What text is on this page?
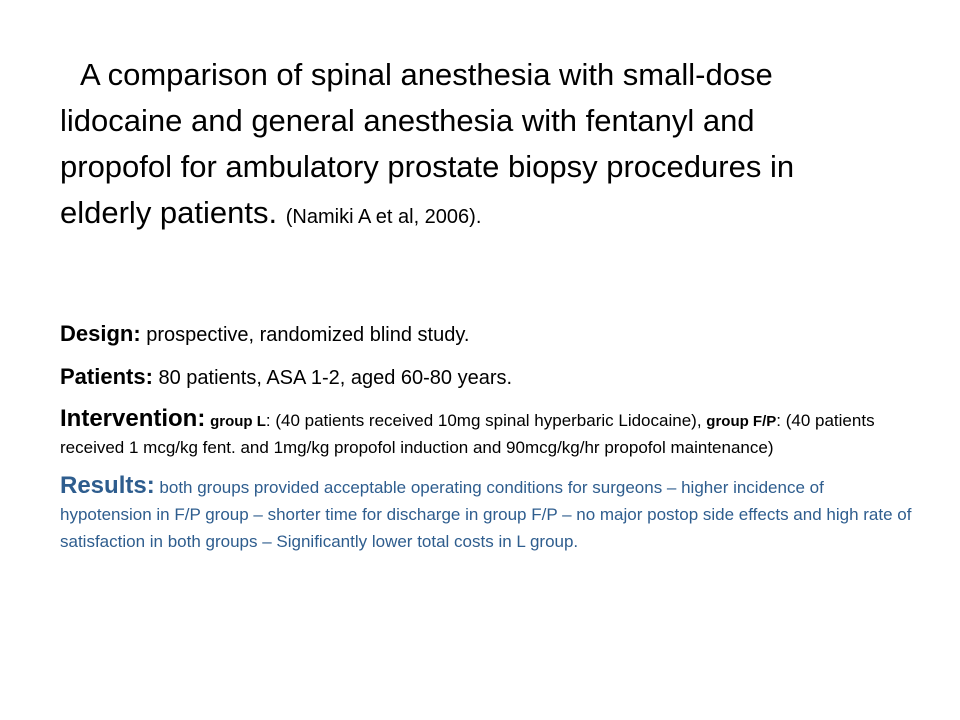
A comparison of spinal anesthesia with small-dose lidocaine and general anesthesia with fentanyl and propofol for ambulatory prostate biopsy procedures in elderly patients. (Namiki A et al, 2006).

Design: prospective, randomized blind study.

Patients: 80 patients, ASA 1-2, aged 60-80 years.

Intervention: group L: (40 patients received 10mg spinal hyperbaric Lidocaine), group F/P: (40 patients received 1 mcg/kg fent. and 1mg/kg propofol induction and 90mcg/kg/hr propofol maintenance)

Results: both groups provided acceptable operating conditions for surgeons – higher incidence of hypotension in F/P group – shorter time for discharge in group F/P – no major postop side effects and high rate of satisfaction in both groups – Significantly lower total costs in L group.
